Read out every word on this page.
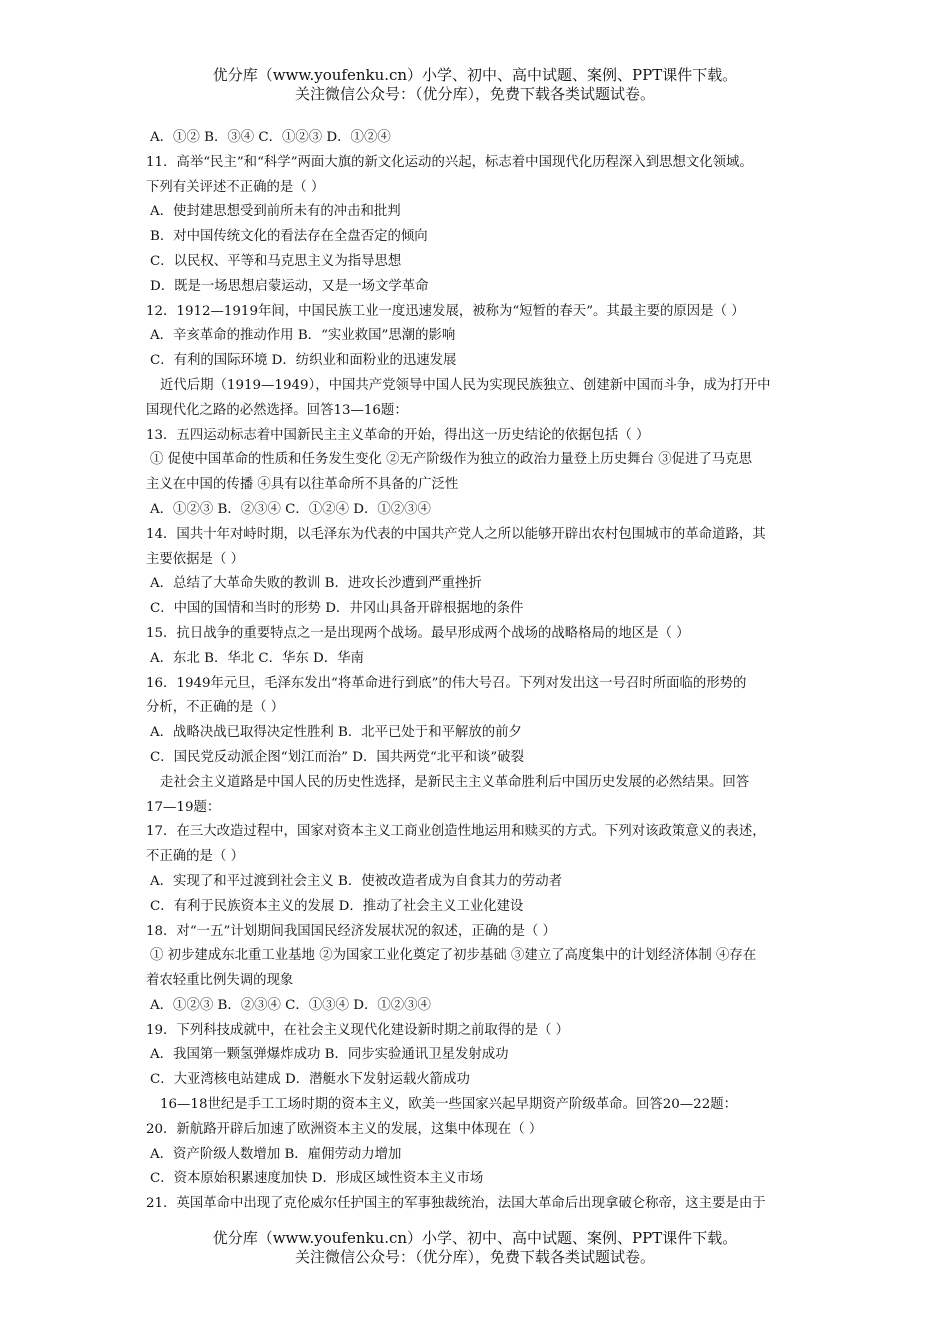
优分库（www.youfenku.cn）小学、初中、高中试题、案例、PPT课件下载。
关注微信公众号：（优分库），免费下载各类试题试卷。
A．①② B．③④ C．①②③ D．①②④
11．高举“民主”和“科学”两面大旗的新文化运动的兴起，标志着中国现代化历程深入到思想文化领域。
下列有关评述不正确的是（ ）
A．使封建思想受到前所未有的冲击和批判
B．对中国传统文化的看法存在全盘否定的倾向
C．以民权、平等和马克思主义为指导思想
D．既是一场思想启蒙运动，又是一场文学革命
12．1912—1919年间，中国民族工业一度迅速发展，被称为“短暂的春天”。其最主要的原因是（ ）
A．辛亥革命的推动作用 B．“实业救国”思潮的影响
C．有利的国际环境 D．纺织业和面粉业的迅速发展
近代后期（1919—1949），中国共产党领导中国人民为实现民族独立、创建新中国而斗争，成为打开中
国现代化之路的必然选择。回答13—16题：
13．五四运动标志着中国新民主主义革命的开始，得出这一历史结论的依据包括（ ）
① 促使中国革命的性质和任务发生变化 ②无产阶级作为独立的政治力量登上历史舞台 ③促进了马克思
主义在中国的传播 ④具有以往革命所不具备的广泛性
A．①②③ B．②③④ C．①②④ D．①②③④
14．国共十年对峙时期，以毛泽东为代表的中国共产党人之所以能够开辟出农村包围城市的革命道路，其
主要依据是（ ）
A．总结了大革命失败的教训 B．进攻长沙遭到严重挫折
C．中国的国情和当时的形势 D．井冈山具备开辟根据地的条件
15．抗日战争的重要特点之一是出现两个战场。最早形成两个战场的战略格局的地区是（ ）
A．东北 B．华北 C．华东 D．华南
16．1949年元旦，毛泽东发出“将革命进行到底”的伟大号召。下列对发出这一号召时所面临的形势的
分析，不正确的是（ ）
A．战略决战已取得决定性胜利 B．北平已处于和平解放的前夕
C．国民党反动派企图“划江而治” D．国共两党“北平和谈”破裂
走社会主义道路是中国人民的历史性选择，是新民主主义革命胜利后中国历史发展的必然结果。回答
17—19题：
17．在三大改造过程中，国家对资本主义工商业创造性地运用和赎买的方式。下列对该政策意义的表述，
不正确的是（ ）
A．实现了和平过渡到社会主义 B．使被改造者成为自食其力的劳动者
C．有利于民族资本主义的发展 D．推动了社会主义工业化建设
18．对“一五”计划期间我国国民经济发展状况的叙述，正确的是（ ）
① 初步建成东北重工业基地 ②为国家工业化奠定了初步基础 ③建立了高度集中的计划经济体制 ④存在
着农轻重比例失调的现象
A．①②③ B．②③④ C．①③④ D．①②③④
19．下列科技成就中，在社会主义现代化建设新时期之前取得的是（ ）
A．我国第一颗氢弹爆炸成功 B．同步实验通讯卫星发射成功
C．大亚湾核电站建成 D．潜艇水下发射运载火箭成功
16—18世纪是手工工场时期的资本主义，欧美一些国家兴起早期资产阶级革命。回答20—22题：
20．新航路开辟后加速了欧洲资本主义的发展，这集中体现在（ ）
A．资产阶级人数增加 B．雇佣劳动力增加
C．资本原始积累速度加快 D．形成区域性资本主义市场
21．英国革命中出现了克伦威尔任护国主的军事独裁统治，法国大革命后出现拿破仑称帝，这主要是由于
优分库（www.youfenku.cn）小学、初中、高中试题、案例、PPT课件下载。
关注微信公众号：（优分库），免费下载各类试题试卷。
